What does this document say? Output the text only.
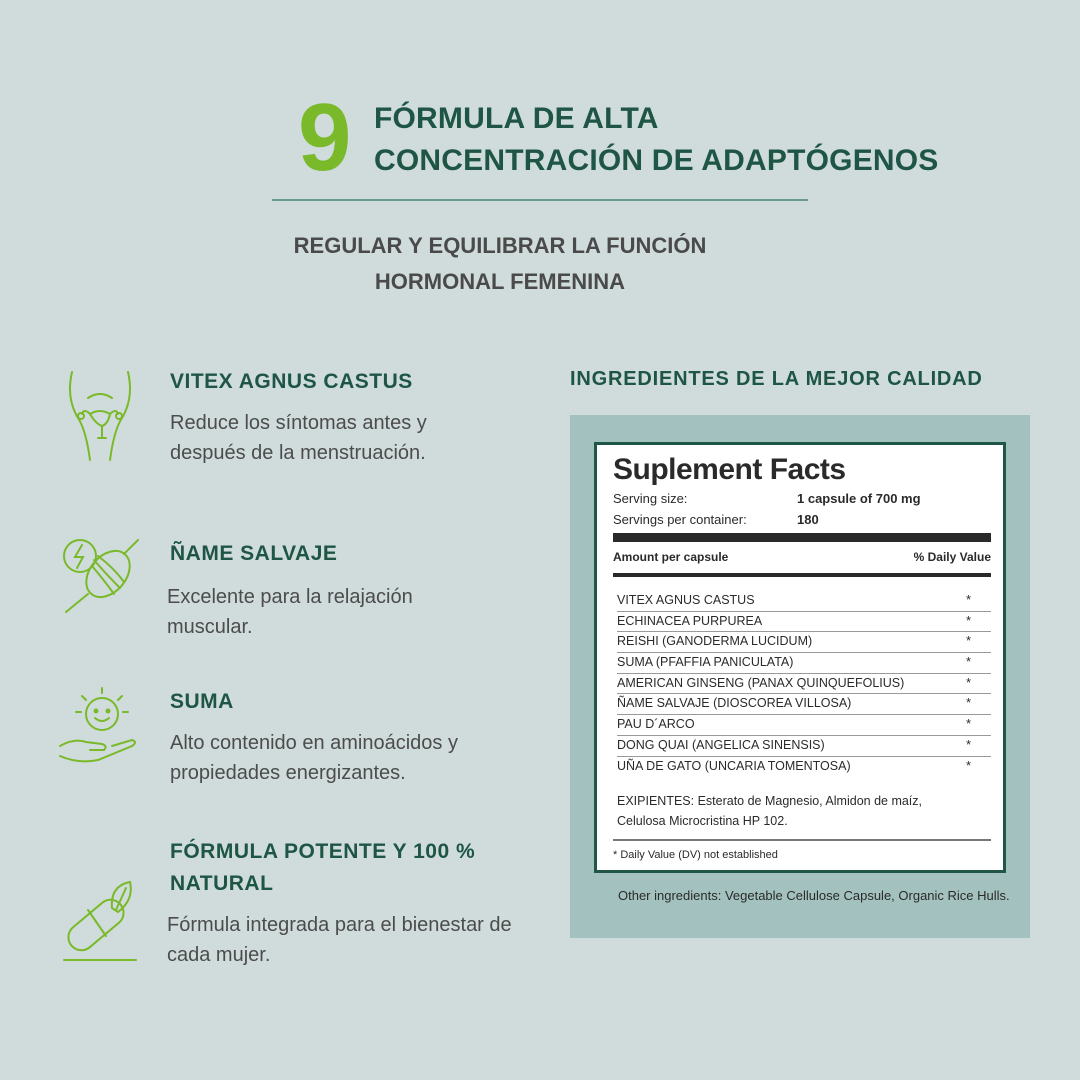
9 FÓRMULA DE ALTA
CONCENTRACIÓN DE ADAPTÓGENOS
REGULAR Y EQUILIBRAR LA FUNCIÓN
HORMONAL FEMENINA
VITEX AGNUS CASTUS
Reduce los síntomas antes y
después de la menstruación.
ÑAME SALVAJE
Excelente para la relajación
muscular.
SUMA
Alto contenido en aminoácidos y
propiedades energizantes.
FÓRMULA POTENTE Y 100 %
NATURAL
Fórmula integrada para el bienestar de
cada mujer.
INGREDIENTES DE LA MEJOR CALIDAD
Suplement Facts
Serving size:	1 capsule of 700 mg
Servings per container:	180
Amount per capsule	% Daily Value
VITEX AGNUS CASTUS	*
ECHINACEA PURPUREA	*
REISHI (GANODERMA LUCIDUM)	*
SUMA (PFAFFIA PANICULATA)	*
AMERICAN GINSENG (PANAX QUINQUEFOLIUS)	*
ÑAME SALVAJE (DIOSCOREA VILLOSA)	*
PAU D´ARCO	*
DONG QUAI (ANGELICA SINENSIS)	*
UÑA DE GATO (UNCARIA TOMENTOSA)	*
EXIPIENTES: Esterato de Magnesio, Almidon de maíz,
Celulosa Microcristina HP 102.
* Daily Value (DV) not established
Other ingredients: Vegetable Cellulose Capsule, Organic Rice Hulls.
